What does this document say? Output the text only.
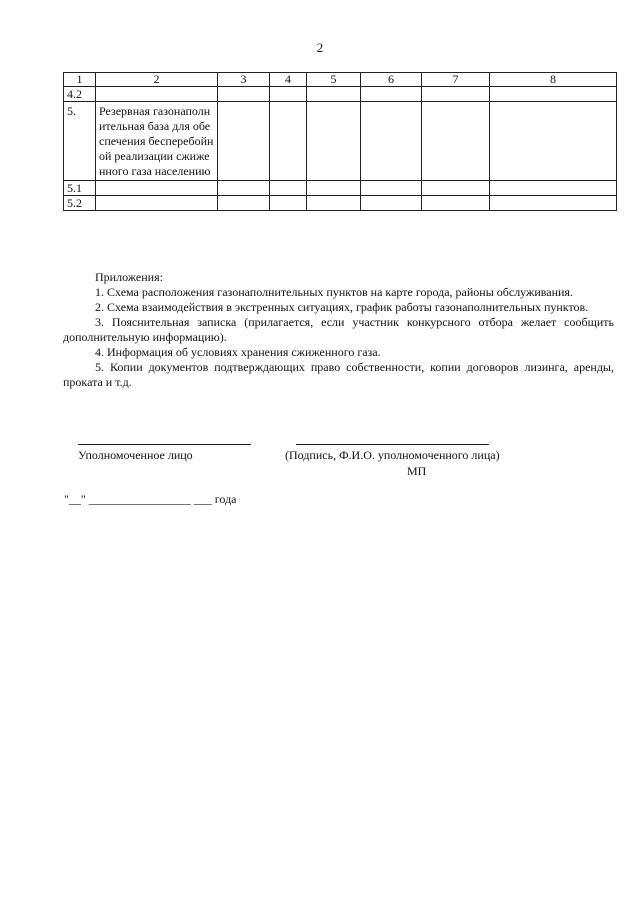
2
1	2	3	4	5	6	7	8
4.2							
5.	Резервная газонаполнительная база для обеспечения бесперебойной реализации сжиженного газа населению						
5.1							
5.2							
Приложения:
1. Схема расположения газонаполнительных пунктов на карте города, районы обслуживания.
2. Схема взаимодействия в экстренных ситуациях, график работы газонаполнительных пунктов.
3. Пояснительная записка (прилагается, если участник конкурсного отбора желает сообщить дополнительную информацию).
4. Информация об условиях хранения сжиженного газа.
5. Копии документов подтверждающих право собственности, копии договоров лизинга, аренды, проката и т.д.
Уполномоченное лицо	(Подпись, Ф.И.О. уполномоченного лица)
МП
"__" _________________ ___ года
